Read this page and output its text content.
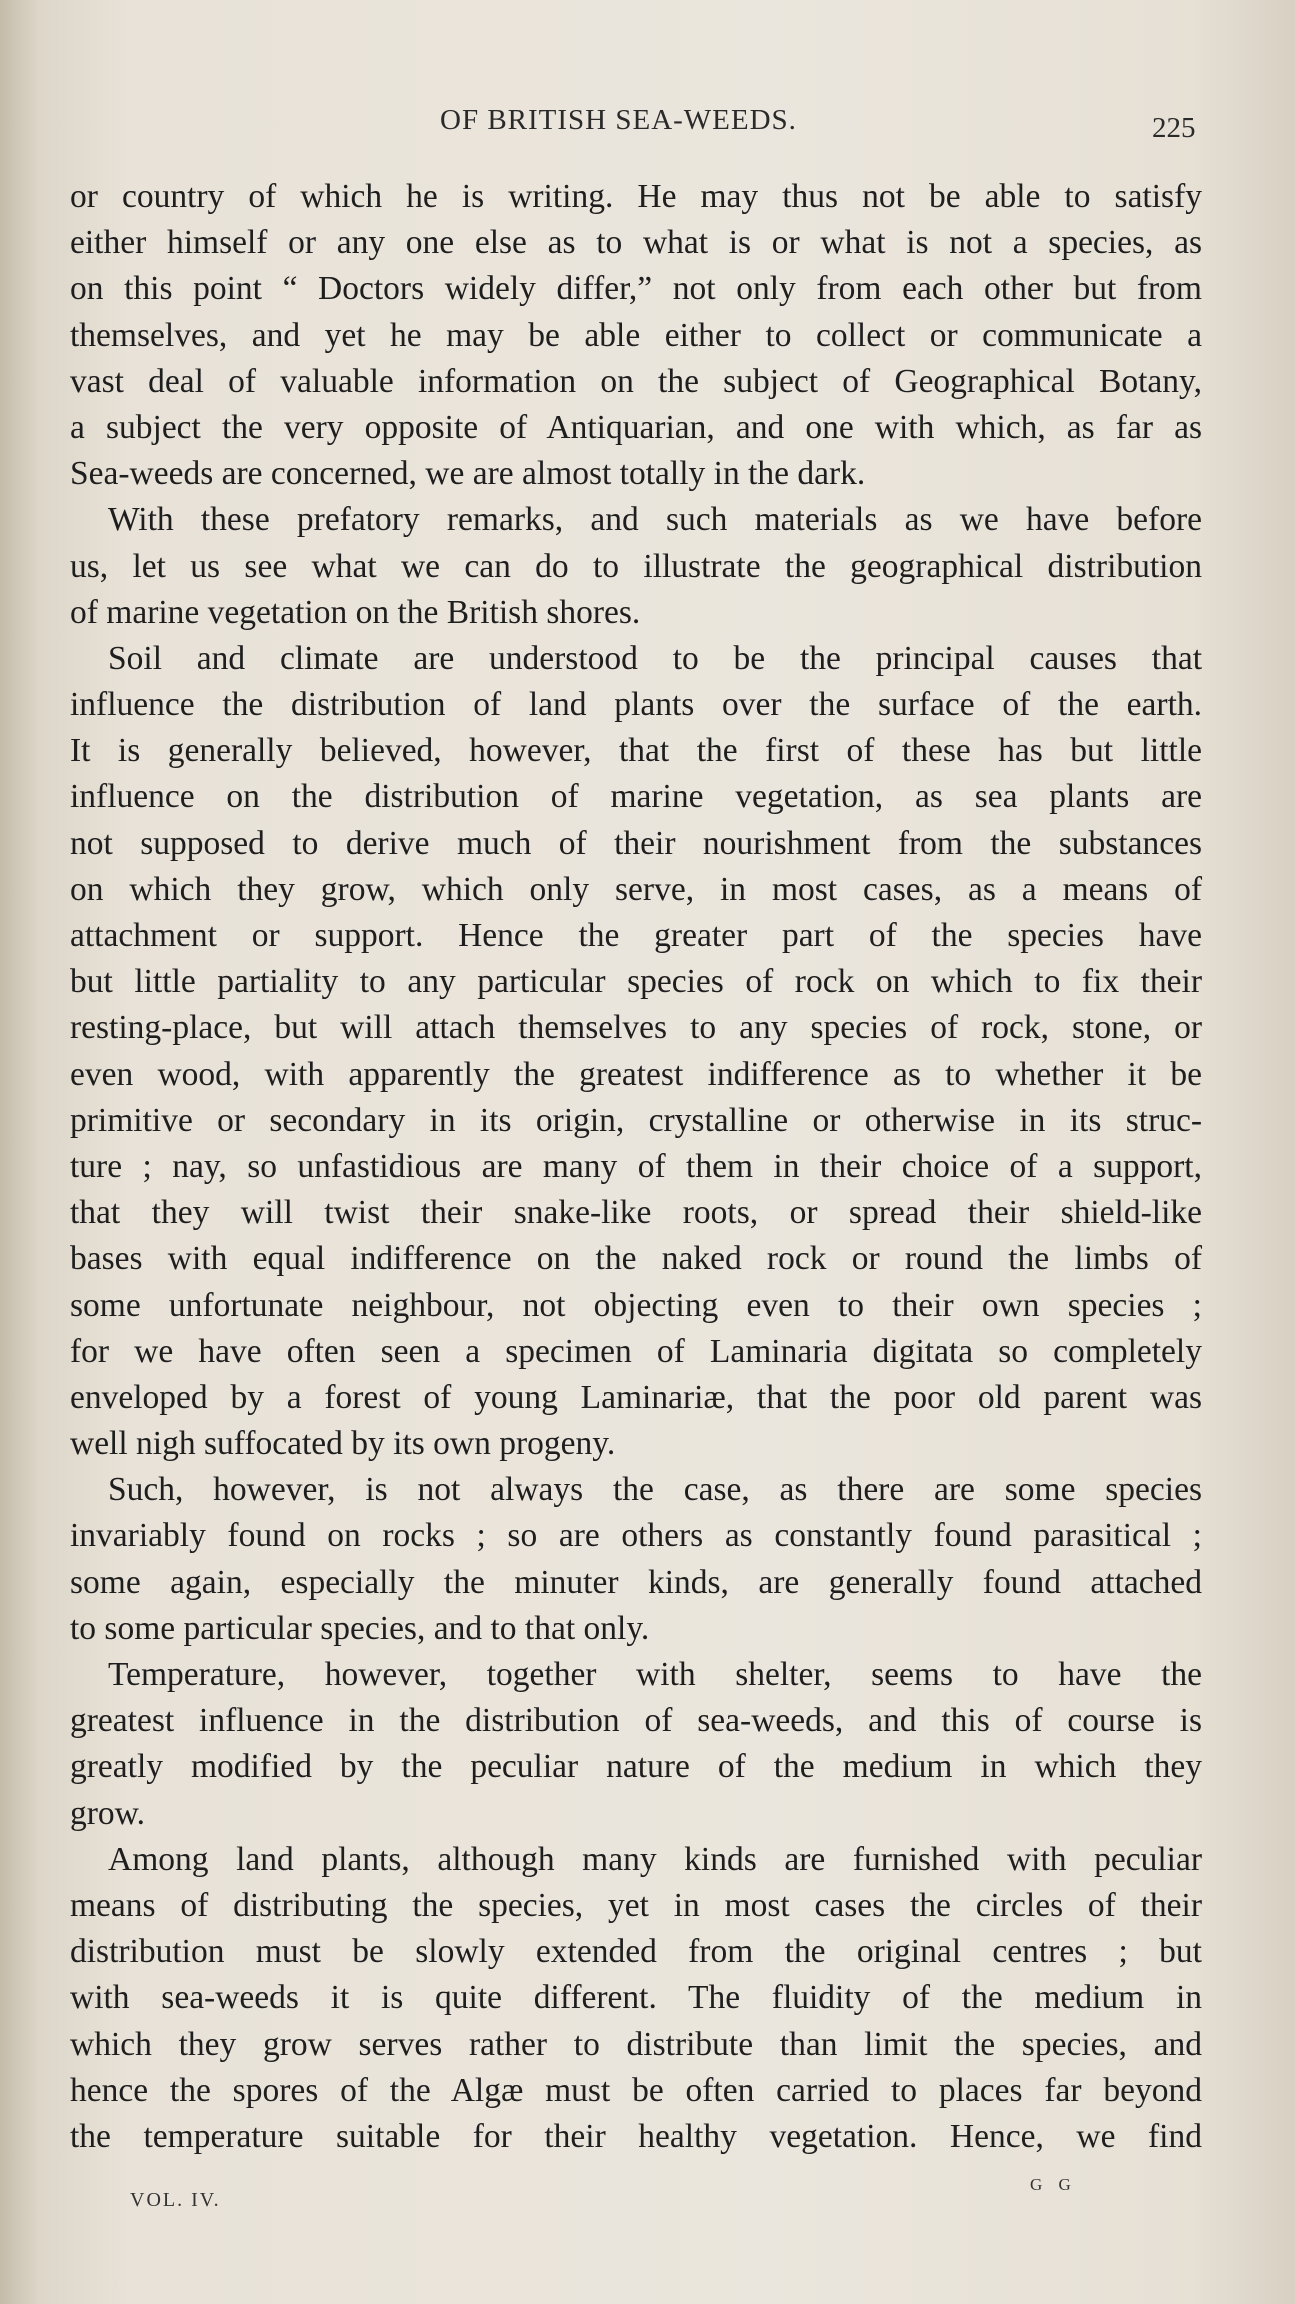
OF BRITISH SEA-WEEDS.	225
or country of which he is writing. He may thus not be able to satisfy
either himself or any one else as to what is or what is not a species, as
on this point “ Doctors widely differ,” not only from each other but from
themselves, and yet he may be able either to collect or communicate a
vast deal of valuable information on the subject of Geographical Botany,
a subject the very opposite of Antiquarian, and one with which, as far as
Sea-weeds are concerned, we are almost totally in the dark.
With these prefatory remarks, and such materials as we have before
us, let us see what we can do to illustrate the geographical distribution
of marine vegetation on the British shores.
Soil and climate are understood to be the principal causes that
influence the distribution of land plants over the surface of the earth.
It is generally believed, however, that the first of these has but little
influence on the distribution of marine vegetation, as sea plants are
not supposed to derive much of their nourishment from the substances
on which they grow, which only serve, in most cases, as a means of
attachment or support. Hence the greater part of the species have
but little partiality to any particular species of rock on which to fix their
resting-place, but will attach themselves to any species of rock, stone, or
even wood, with apparently the greatest indifference as to whether it be
primitive or secondary in its origin, crystalline or otherwise in its struc-
ture ; nay, so unfastidious are many of them in their choice of a support,
that they will twist their snake-like roots, or spread their shield-like
bases with equal indifference on the naked rock or round the limbs of
some unfortunate neighbour, not objecting even to their own species ;
for we have often seen a specimen of Laminaria digitata so completely
enveloped by a forest of young Laminariæ, that the poor old parent was
well nigh suffocated by its own progeny.
Such, however, is not always the case, as there are some species
invariably found on rocks ; so are others as constantly found parasitical ;
some again, especially the minuter kinds, are generally found attached
to some particular species, and to that only.
Temperature, however, together with shelter, seems to have the
greatest influence in the distribution of sea-weeds, and this of course is
greatly modified by the peculiar nature of the medium in which they
grow.
Among land plants, although many kinds are furnished with peculiar
means of distributing the species, yet in most cases the circles of their
distribution must be slowly extended from the original centres ; but
with sea-weeds it is quite different. The fluidity of the medium in
which they grow serves rather to distribute than limit the species, and
hence the spores of the Algæ must be often carried to places far beyond
the temperature suitable for their healthy vegetation. Hence, we find
VOL. IV.
G G
